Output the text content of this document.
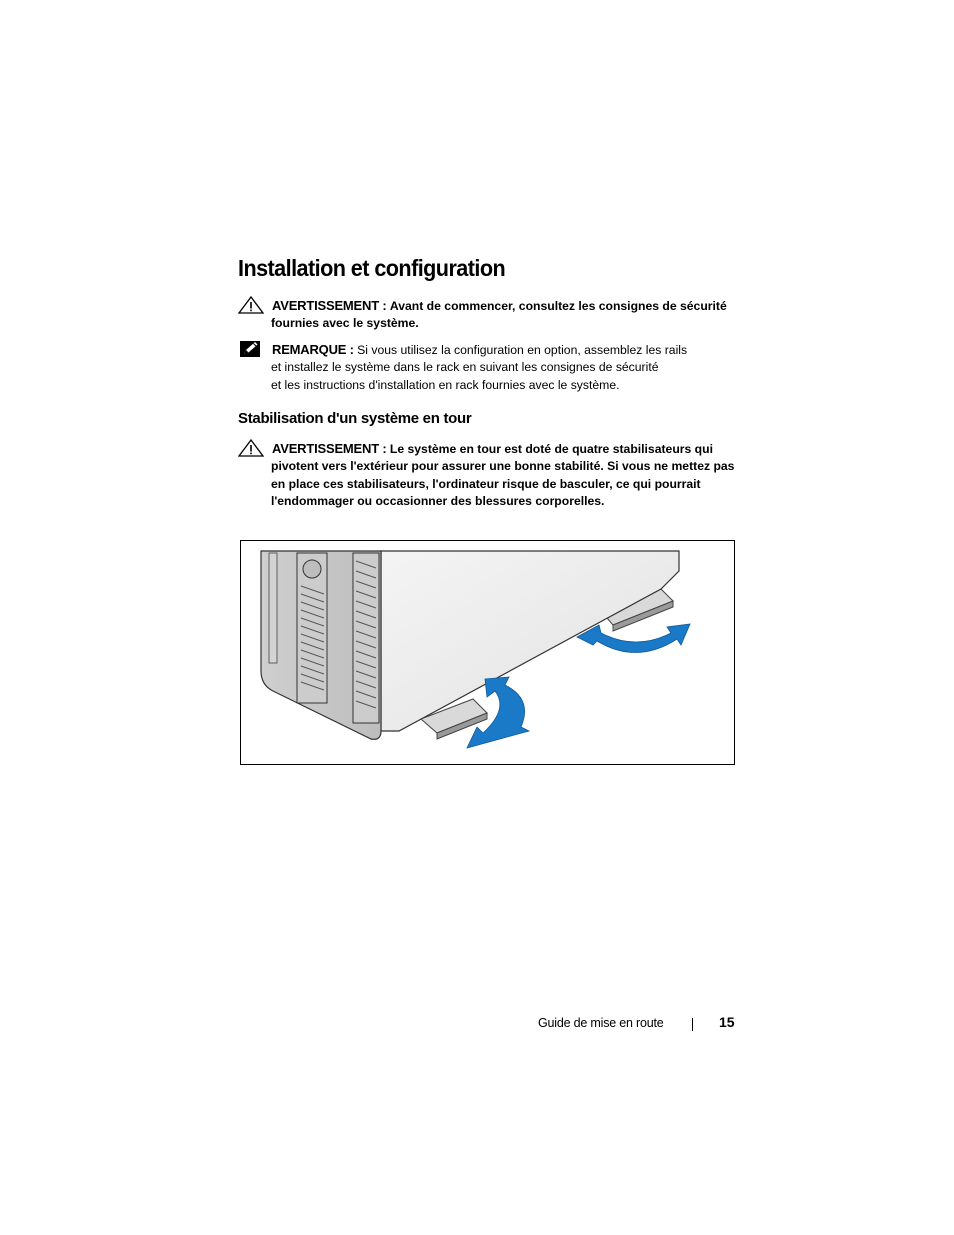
Installation et configuration
AVERTISSEMENT : Avant de commencer, consultez les consignes de sécurité
fournies avec le système.
REMARQUE : Si vous utilisez la configuration en option, assemblez les rails
et installez le système dans le rack en suivant les consignes de sécurité
et les instructions d'installation en rack fournies avec le système.
Stabilisation d'un système en tour
AVERTISSEMENT : Le système en tour est doté de quatre stabilisateurs qui
pivotent vers l'extérieur pour assurer une bonne stabilité. Si vous ne mettez pas
en place ces stabilisateurs, l'ordinateur risque de basculer, ce qui pourrait
l'endommager ou occasionner des blessures corporelles.
Guide de mise en route	15
